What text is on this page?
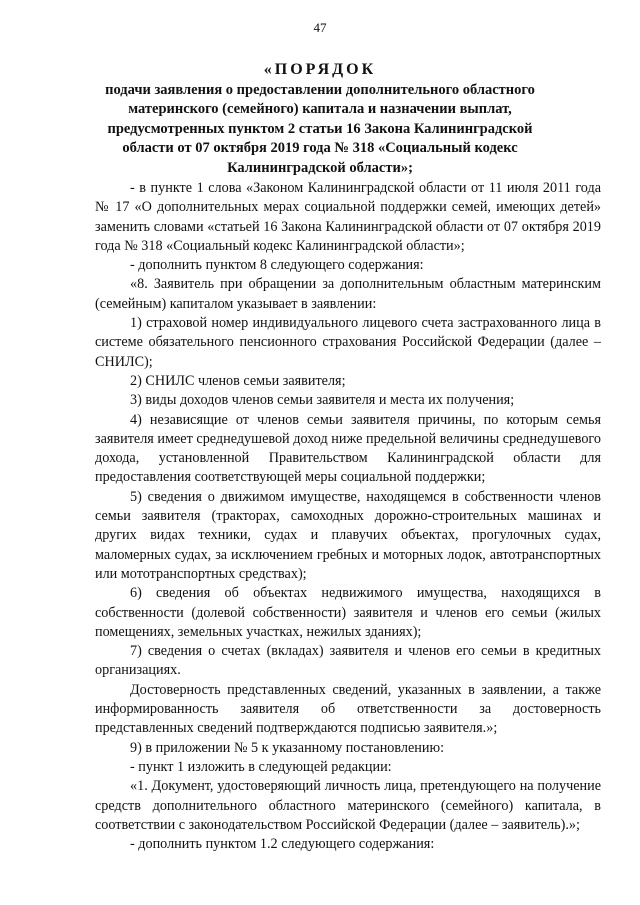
47
«ПОРЯДОК
подачи заявления о предоставлении дополнительного областного материнского (семейного) капитала и назначении выплат, предусмотренных пунктом 2 статьи 16 Закона Калининградской области от 07 октября 2019 года № 318 «Социальный кодекс Калининградской области»;

- в пункте 1 слова «Законом Калининградской области от 11 июля 2011 года № 17 «О дополнительных мерах социальной поддержки семей, имеющих детей» заменить словами «статьей 16 Закона Калининградской области от 07 октября 2019 года № 318 «Социальный кодекс Калининградской области»;

- дополнить пунктом 8 следующего содержания:

«8. Заявитель при обращении за дополнительным областным материнским (семейным) капиталом указывает в заявлении:

1) страховой номер индивидуального лицевого счета застрахованного лица в системе обязательного пенсионного страхования Российской Федерации (далее – СНИЛС);

2) СНИЛС членов семьи заявителя;

3) виды доходов членов семьи заявителя и места их получения;

4) независящие от членов семьи заявителя причины, по которым семья заявителя имеет среднедушевой доход ниже предельной величины среднедушевого дохода, установленной Правительством Калининградской области для предоставления соответствующей меры социальной поддержки;

5) сведения о движимом имуществе, находящемся в собственности членов семьи заявителя (тракторах, самоходных дорожно-строительных машинах и других видах техники, судах и плавучих объектах, прогулочных судах, маломерных судах, за исключением гребных и моторных лодок, автотранспортных или мототранспортных средствах);

6) сведения об объектах недвижимого имущества, находящихся в собственности (долевой собственности) заявителя и членов его семьи (жилых помещениях, земельных участках, нежилых зданиях);

7) сведения о счетах (вкладах) заявителя и членов его семьи в кредитных организациях.

Достоверность представленных сведений, указанных в заявлении, а также информированность заявителя об ответственности за достоверность представленных сведений подтверждаются подписью заявителя.»;

9) в приложении № 5 к указанному постановлению:

- пункт 1 изложить в следующей редакции:

«1. Документ, удостоверяющий личность лица, претендующего на получение средств дополнительного областного материнского (семейного) капитала, в соответствии с законодательством Российской Федерации (далее – заявитель).»;

- дополнить пунктом 1.2 следующего содержания:
